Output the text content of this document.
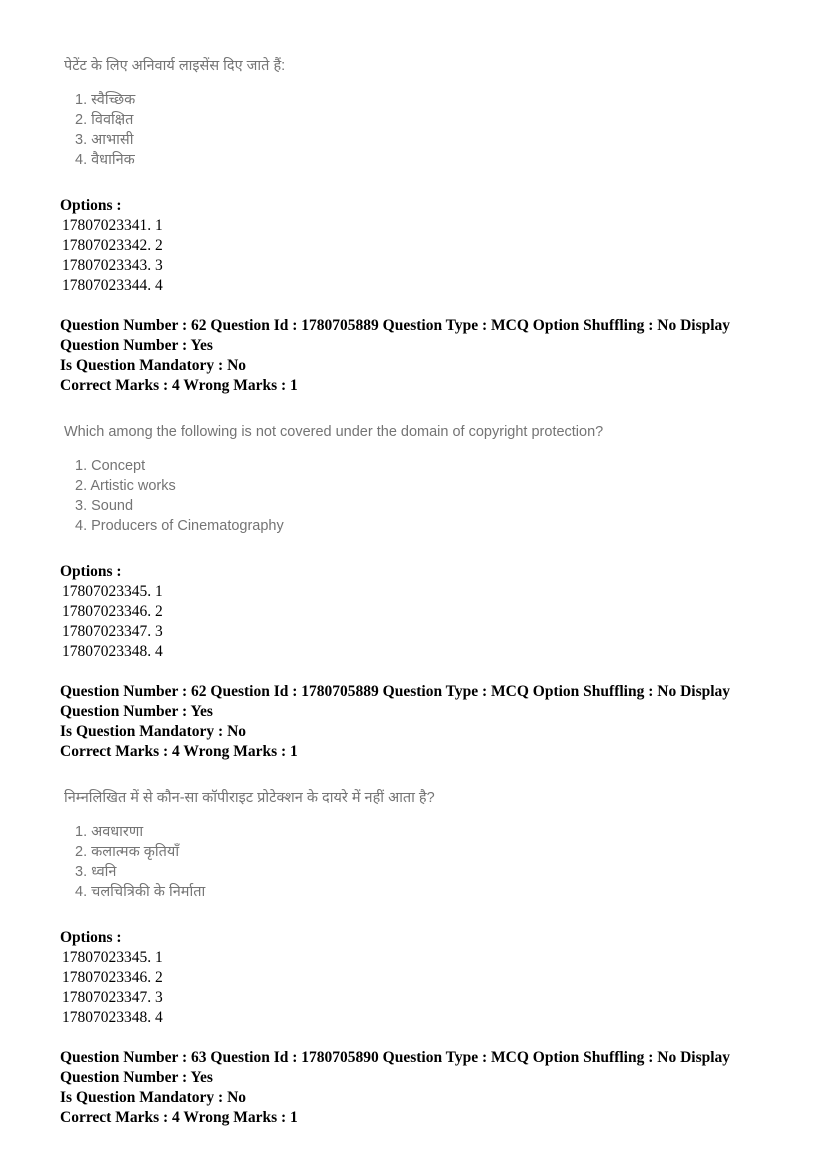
पेटेंट के लिए अनिवार्य लाइसेंस दिए जाते हैं:
1. स्वैच्छिक
2. विवक्षित
3. आभासी
4. वैधानिक
Options :
17807023341. 1
17807023342. 2
17807023343. 3
17807023344. 4
Question Number : 62 Question Id : 1780705889 Question Type : MCQ Option Shuffling : No Display Question Number : Yes
Is Question Mandatory : No
Correct Marks : 4 Wrong Marks : 1
Which among the following is not covered under the domain of copyright protection?
1. Concept
2. Artistic works
3. Sound
4. Producers of Cinematography
Options :
17807023345. 1
17807023346. 2
17807023347. 3
17807023348. 4
Question Number : 62 Question Id : 1780705889 Question Type : MCQ Option Shuffling : No Display Question Number : Yes
Is Question Mandatory : No
Correct Marks : 4 Wrong Marks : 1
निम्नलिखित में से कौन-सा कॉपीराइट प्रोटेक्शन के दायरे में नहीं आता है?
1. अवधारणा
2. कलात्मक कृतियाँ
3. ध्वनि
4. चलचित्रिकी के निर्माता
Options :
17807023345. 1
17807023346. 2
17807023347. 3
17807023348. 4
Question Number : 63 Question Id : 1780705890 Question Type : MCQ Option Shuffling : No Display Question Number : Yes
Is Question Mandatory : No
Correct Marks : 4 Wrong Marks : 1
